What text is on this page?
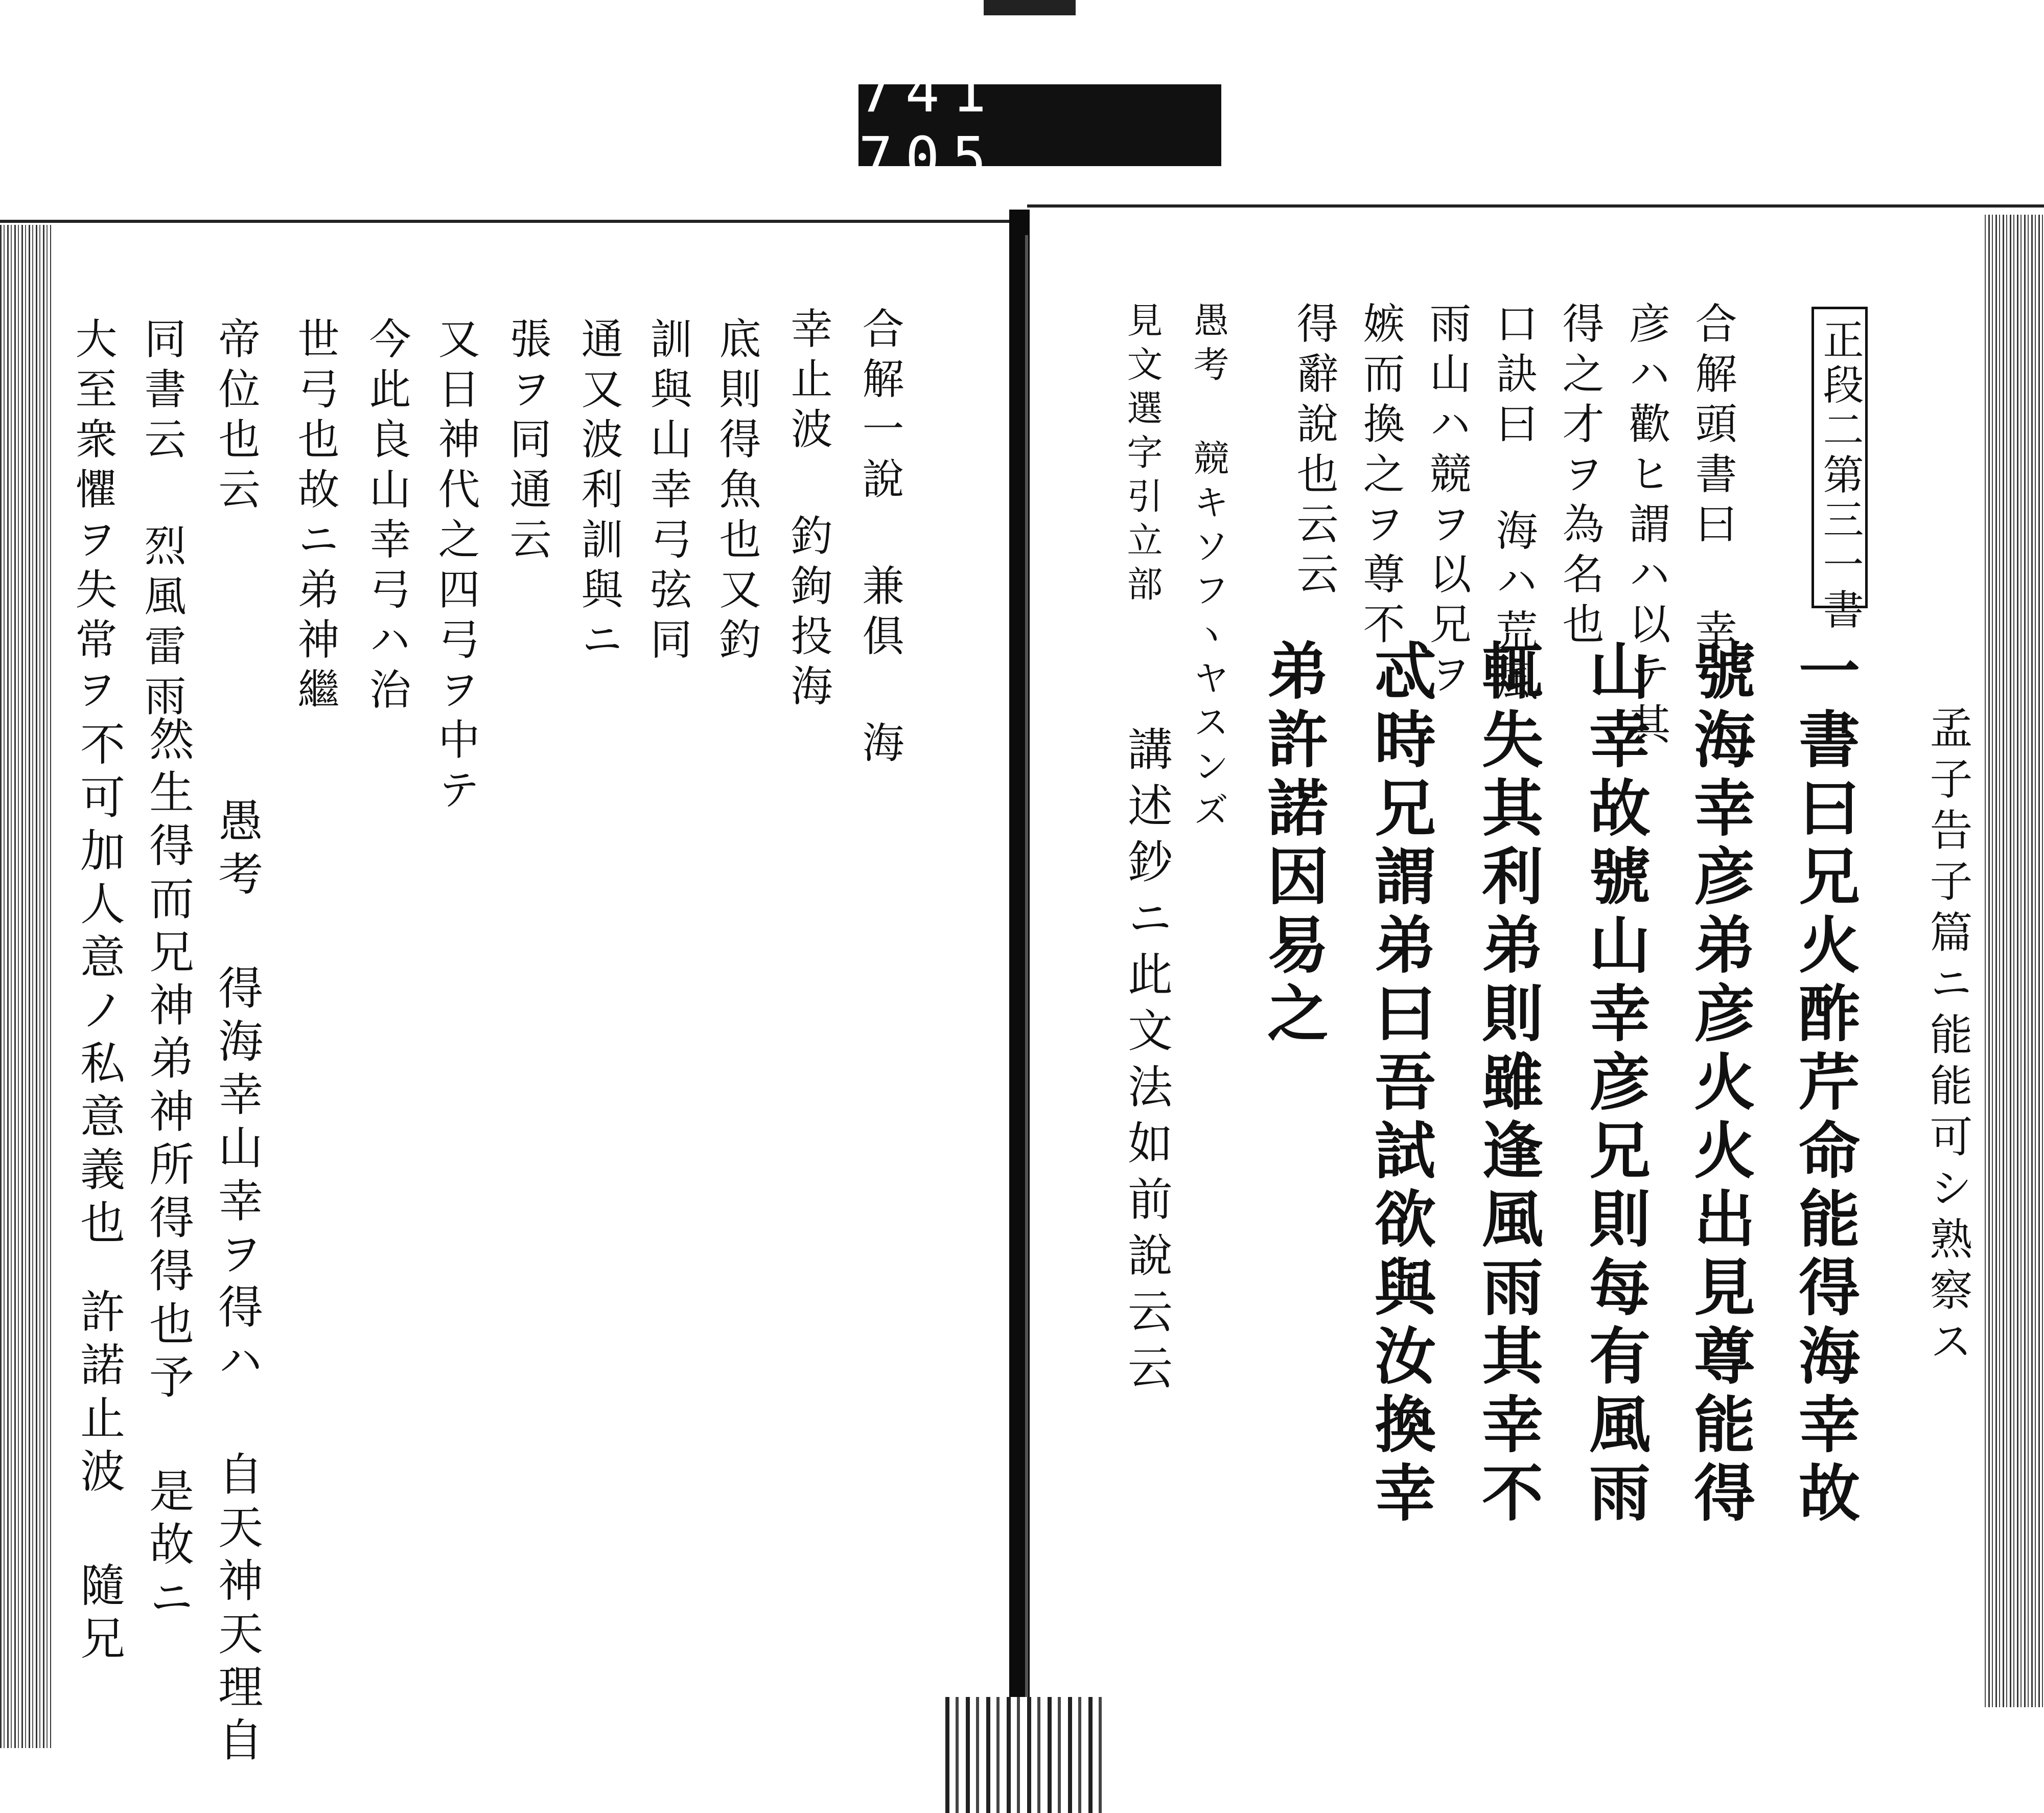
741 705.
孟子告子篇ニ能能可シ熟察ス
正段二第三一書
一書曰兄火酢芹命能得海幸故
號海幸彦弟彦火火出見尊能得
山幸故號山幸彦兄則每有風雨
輒失其利弟則雖逢風雨其幸不
忒時兄謂弟曰吾試欲與汝換幸
弟許諾因易之
合解頭書曰 幸
彦ハ歡ヒ謂ハ以テ其
得之才ヲ為名也
口訣曰 海ハ荒風
雨山ハ競ヲ以兄ヲ
嫉而換之ヲ尊不
得辭說也云云
愚考 競キソフヽヤスンズ
見文選字引立部
講述鈔ニ此文法如前說云云
合解一說 兼俱 海
幸止波 釣鉤投海
底則得魚也又釣
訓與山幸弓弦同
通又波利訓與ニ
張ヲ同通云
又日神代之四弓ヲ中テ
今此良山幸弓ハ治
世弓也故ニ弟神繼
帝位也云
同書云 烈風雷雨
大至衆懼ヲ失常ヲ
愚考 得海幸山幸ヲ得ハ 自天神天理自
然生得而兄神弟神所得得也予 是故ニ
不可加人意ノ私意義也
許諾止波 隨兄
